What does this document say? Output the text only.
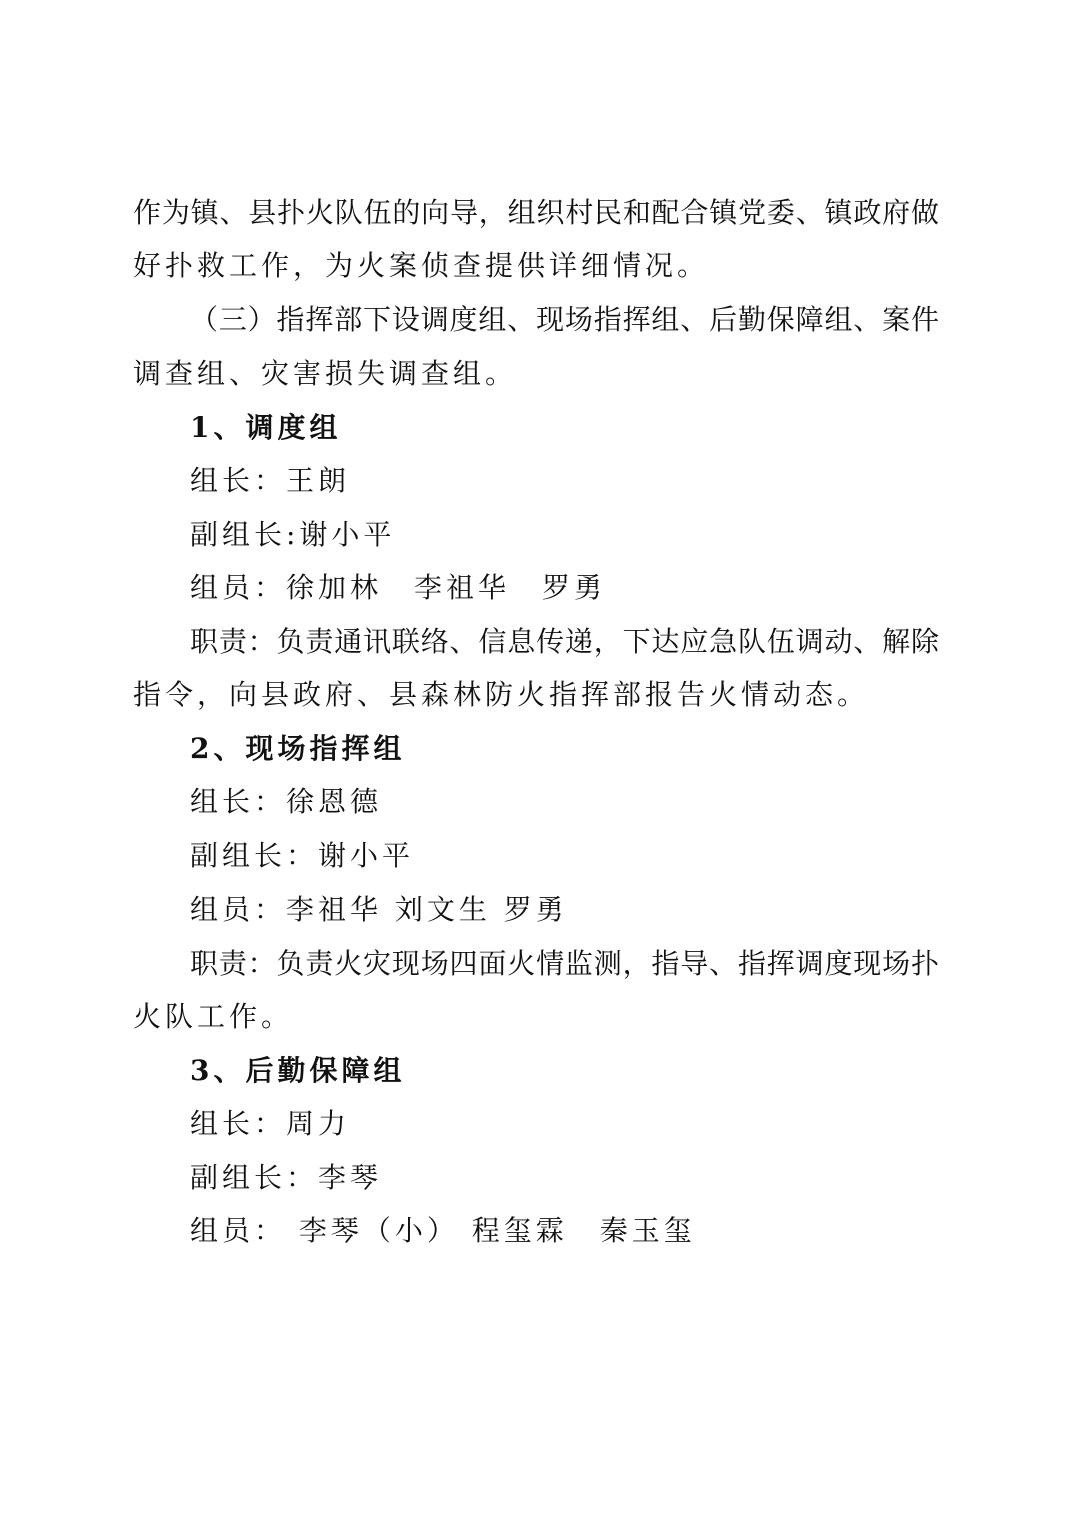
作为镇、县扑火队伍的向导，组织村民和配合镇党委、镇政府做
好扑救工作，为火案侦查提供详细情况。
（三）指挥部下设调度组、现场指挥组、后勤保障组、案件
调查组、灾害损失调查组。
1、调度组
组长：王朗
副组长:谢小平
组员：徐加林　李祖华　罗勇
职责：负责通讯联络、信息传递，下达应急队伍调动、解除
指令，向县政府、县森林防火指挥部报告火情动态。
2、现场指挥组
组长：徐恩德
副组长：谢小平
组员：李祖华 刘文生 罗勇
职责：负责火灾现场四面火情监测，指导、指挥调度现场扑
火队工作。
3、后勤保障组
组长：周力
副组长：李琴
组员： 李琴（小） 程玺霖　秦玉玺
